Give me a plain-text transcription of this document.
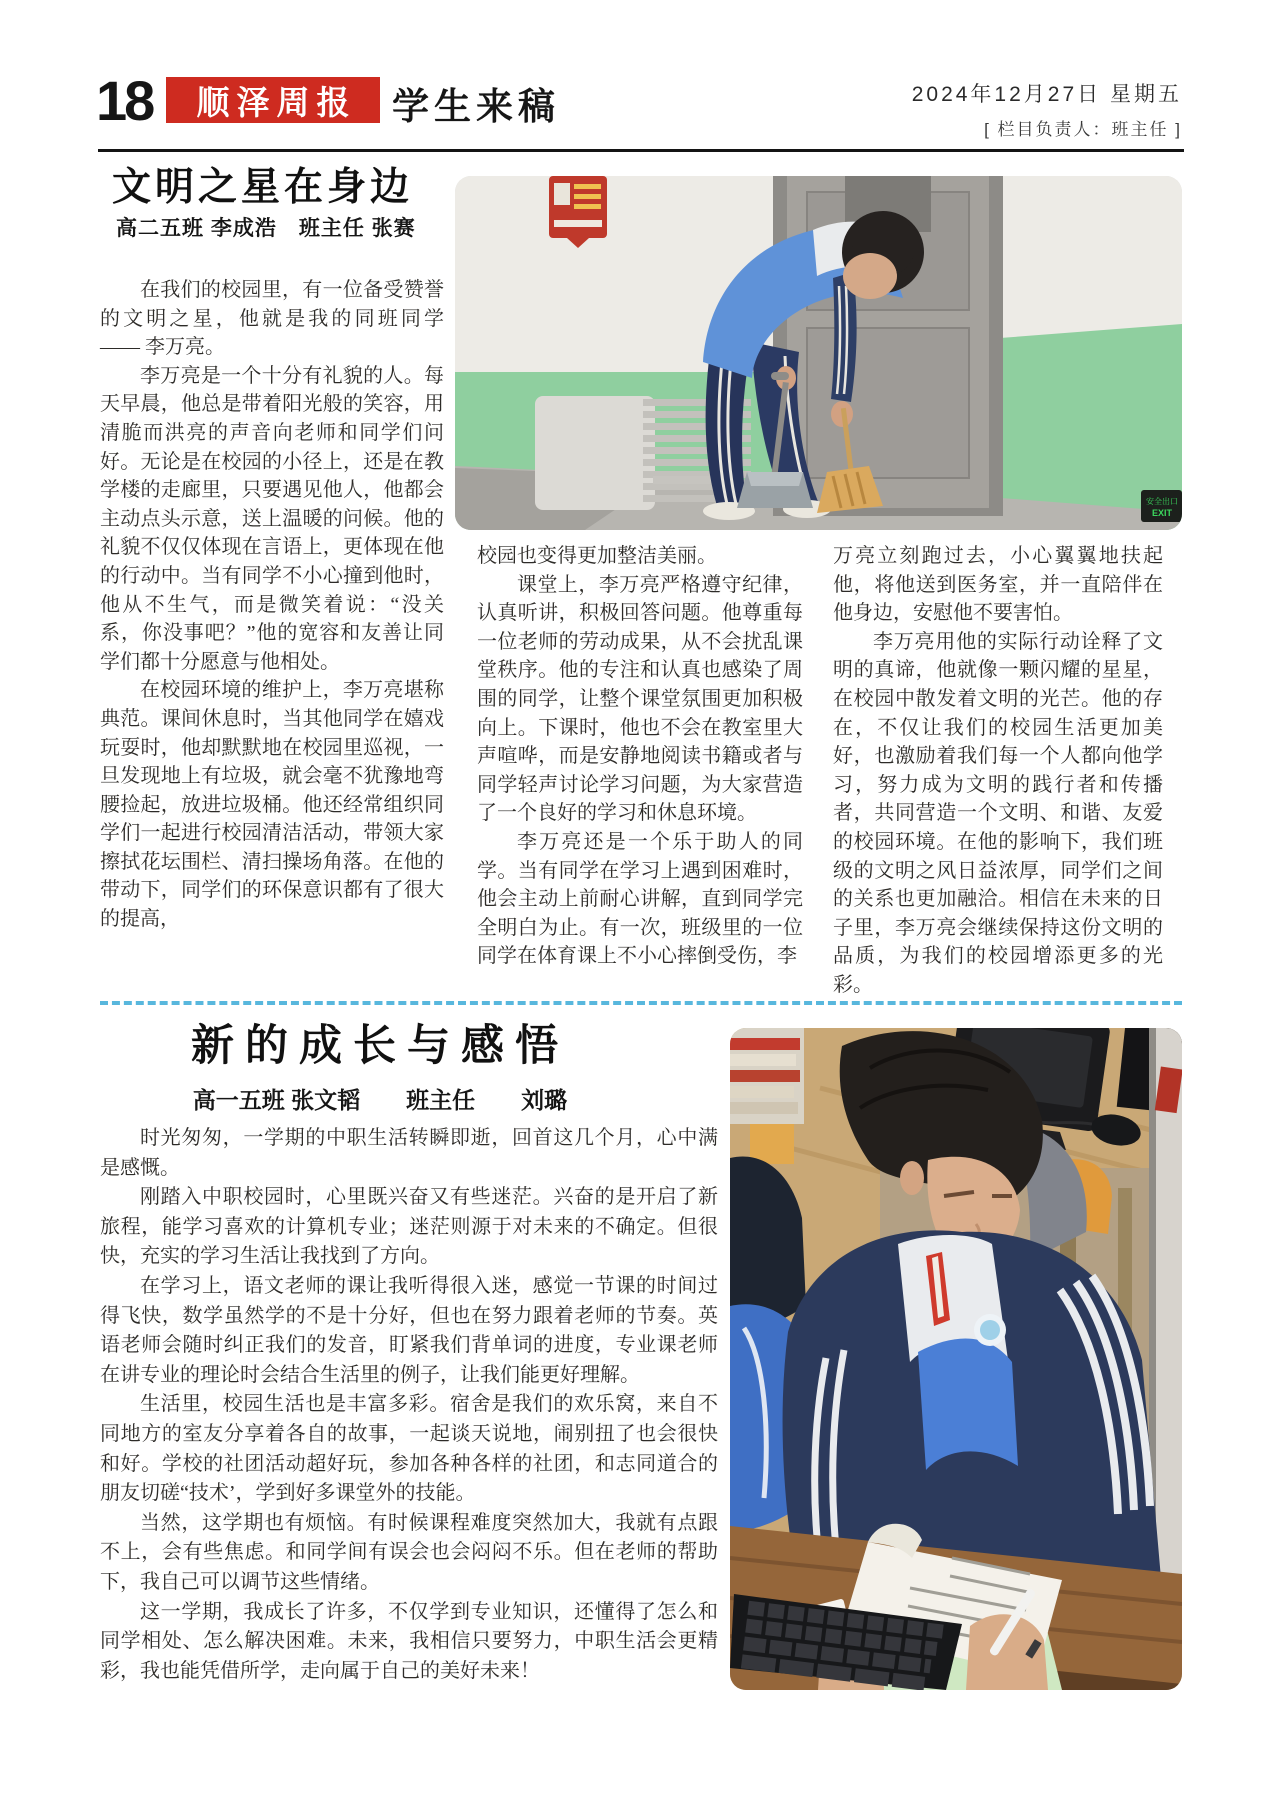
18	顺泽周报 学生来稿	2024年12月27日 星期五
[ 栏目负责人：班主任 ]
文明之星在身边
高二五班 李成浩　班主任 张赛

在我们的校园里，有一位备受赞誉的文明之星，他就是我的同班同学 —— 李万亮。

李万亮是一个十分有礼貌的人。每天早晨，他总是带着阳光般的笑容，用清脆而洪亮的声音向老师和同学们问好。无论是在校园的小径上，还是在教学楼的走廊里，只要遇见他人，他都会主动点头示意，送上温暖的问候。他的礼貌不仅仅体现在言语上，更体现在他的行动中。当有同学不小心撞到他时，他从不生气，而是微笑着说：“没关系，你没事吧？”他的宽容和友善让同学们都十分愿意与他相处。

在校园环境的维护上，李万亮堪称典范。课间休息时，当其他同学在嬉戏玩耍时，他却默默地在校园里巡视，一旦发现地上有垃圾，就会毫不犹豫地弯腰捡起，放进垃圾桶。他还经常组织同学们一起进行校园清洁活动，带领大家擦拭花坛围栏、清扫操场角落。在他的带动下，同学们的环保意识都有了很大的提高，

校园也变得更加整洁美丽。

课堂上，李万亮严格遵守纪律，认真听讲，积极回答问题。他尊重每一位老师的劳动成果，从不会扰乱课堂秩序。他的专注和认真也感染了周围的同学，让整个课堂氛围更加积极向上。下课时，他也不会在教室里大声喧哗，而是安静地阅读书籍或者与同学轻声讨论学习问题，为大家营造了一个良好的学习和休息环境。

李万亮还是一个乐于助人的同学。当有同学在学习上遇到困难时，他会主动上前耐心讲解，直到同学完全明白为止。有一次，班级里的一位同学在体育课上不小心摔倒受伤，李

万亮立刻跑过去，小心翼翼地扶起他，将他送到医务室，并一直陪伴在他身边，安慰他不要害怕。

李万亮用他的实际行动诠释了文明的真谛，他就像一颗闪耀的星星，在校园中散发着文明的光芒。他的存在，不仅让我们的校园生活更加美好，也激励着我们每一个人都向他学习，努力成为文明的践行者和传播者，共同营造一个文明、和谐、友爱的校园环境。在他的影响下，我们班级的文明之风日益浓厚，同学们之间的关系也更加融洽。相信在未来的日子里，李万亮会继续保持这份文明的品质，为我们的校园增添更多的光彩。

安全出口
EXIT
新的成长与感悟
高一五班 张文韬　　班主任　　刘璐

时光匆匆，一学期的中职生活转瞬即逝，回首这几个月，心中满是感慨。

刚踏入中职校园时，心里既兴奋又有些迷茫。兴奋的是开启了新旅程，能学习喜欢的计算机专业；迷茫则源于对未来的不确定。但很快，充实的学习生活让我找到了方向。

在学习上，语文老师的课让我听得很入迷，感觉一节课的时间过得飞快，数学虽然学的不是十分好，但也在努力跟着老师的节奏。英语老师会随时纠正我们的发音，盯紧我们背单词的进度，专业课老师在讲专业的理论时会结合生活里的例子，让我们能更好理解。

生活里，校园生活也是丰富多彩。宿舍是我们的欢乐窝，来自不同地方的室友分享着各自的故事，一起谈天说地，闹别扭了也会很快和好。学校的社团活动超好玩，参加各种各样的社团，和志同道合的朋友切磋“技术’，学到好多课堂外的技能。

当然，这学期也有烦恼。有时候课程难度突然加大，我就有点跟不上，会有些焦虑。和同学间有误会也会闷闷不乐。但在老师的帮助下，我自己可以调节这些情绪。

这一学期，我成长了许多，不仅学到专业知识，还懂得了怎么和同学相处、怎么解决困难。未来，我相信只要努力，中职生活会更精彩，我也能凭借所学，走向属于自己的美好未来！
